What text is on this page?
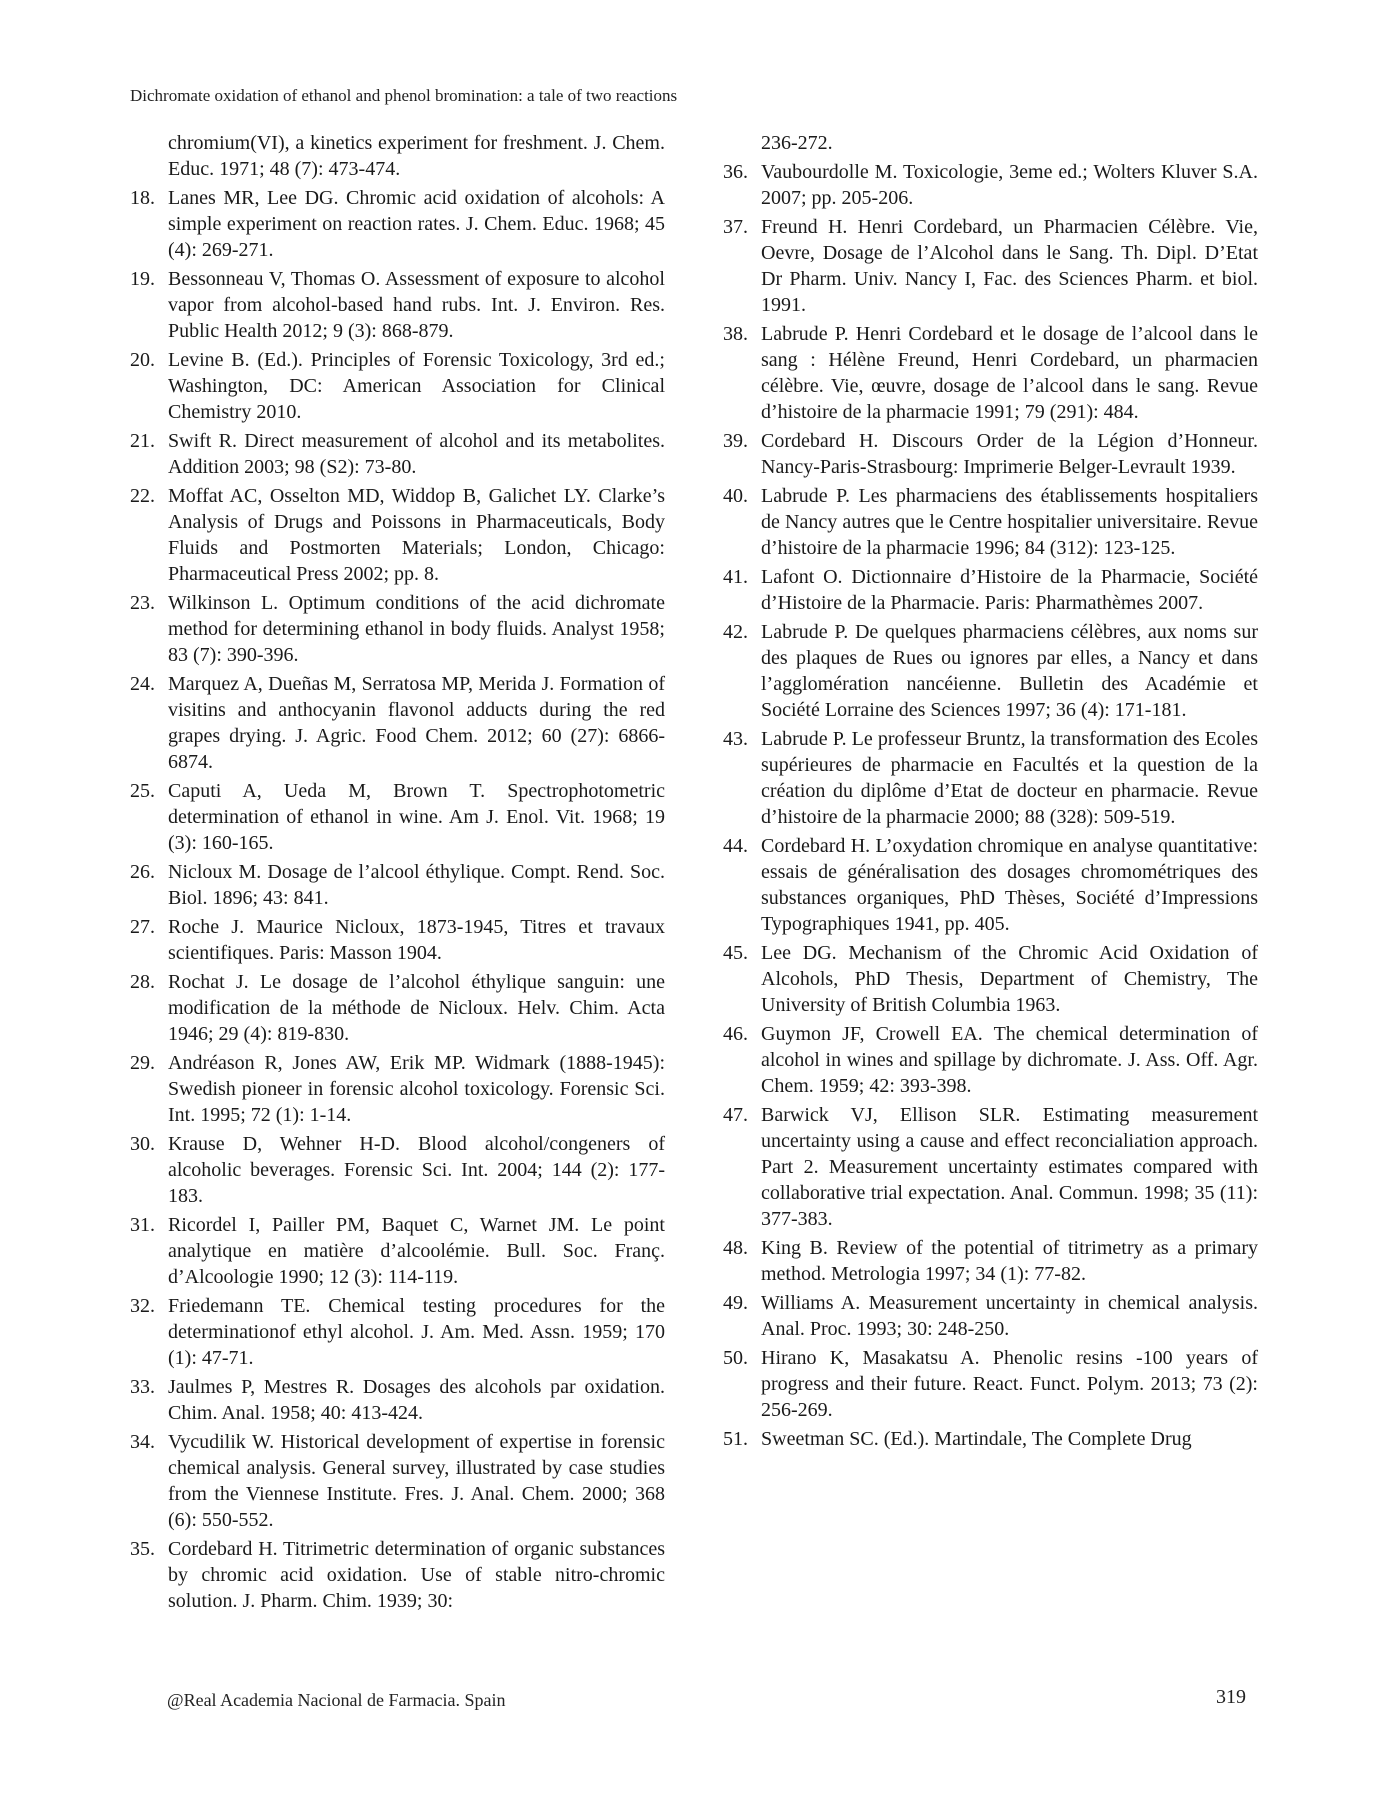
Dichromate oxidation of ethanol and phenol bromination: a tale of two reactions
chromium(VI), a kinetics experiment for freshment. J. Chem. Educ. 1971; 48 (7): 473-474.
18. Lanes MR, Lee DG. Chromic acid oxidation of alcohols: A simple experiment on reaction rates. J. Chem. Educ. 1968; 45 (4): 269-271.
19. Bessonneau V, Thomas O. Assessment of exposure to alcohol vapor from alcohol-based hand rubs. Int. J. Environ. Res. Public Health 2012; 9 (3): 868-879.
20. Levine B. (Ed.). Principles of Forensic Toxicology, 3rd ed.; Washington, DC: American Association for Clinical Chemistry 2010.
21. Swift R. Direct measurement of alcohol and its metabolites. Addition 2003; 98 (S2): 73-80.
22. Moffat AC, Osselton MD, Widdop B, Galichet LY. Clarke’s Analysis of Drugs and Poissons in Pharmaceuticals, Body Fluids and Postmorten Materials; London, Chicago: Pharmaceutical Press 2002; pp. 8.
23. Wilkinson L. Optimum conditions of the acid dichromate method for determining ethanol in body fluids. Analyst 1958; 83 (7): 390-396.
24. Marquez A, Dueñas M, Serratosa MP, Merida J. Formation of visitins and anthocyanin flavonol adducts during the red grapes drying. J. Agric. Food Chem. 2012; 60 (27): 6866-6874.
25. Caputi A, Ueda M, Brown T. Spectrophotometric determination of ethanol in wine. Am J. Enol. Vit. 1968; 19 (3): 160-165.
26. Nicloux M. Dosage de l’alcool éthylique. Compt. Rend. Soc. Biol. 1896; 43: 841.
27. Roche J. Maurice Nicloux, 1873-1945, Titres et travaux scientifiques. Paris: Masson 1904.
28. Rochat J. Le dosage de l’alcohol éthylique sanguin: une modification de la méthode de Nicloux. Helv. Chim. Acta 1946; 29 (4): 819-830.
29. Andréason R, Jones AW, Erik MP. Widmark (1888-1945): Swedish pioneer in forensic alcohol toxicology. Forensic Sci. Int. 1995; 72 (1): 1-14.
30. Krause D, Wehner H-D. Blood alcohol/congeners of alcoholic beverages. Forensic Sci. Int. 2004; 144 (2): 177-183.
31. Ricordel I, Pailler PM, Baquet C, Warnet JM. Le point analytique en matière d’alcoolémie. Bull. Soc. Franç. d’Alcoologie 1990; 12 (3): 114-119.
32. Friedemann TE. Chemical testing procedures for the determinationof ethyl alcohol. J. Am. Med. Assn. 1959; 170 (1): 47-71.
33. Jaulmes P, Mestres R. Dosages des alcohols par oxidation. Chim. Anal. 1958; 40: 413-424.
34. Vycudilik W. Historical development of expertise in forensic chemical analysis. General survey, illustrated by case studies from the Viennese Institute. Fres. J. Anal. Chem. 2000; 368 (6): 550-552.
35. Cordebard H. Titrimetric determination of organic substances by chromic acid oxidation. Use of stable nitro-chromic solution. J. Pharm. Chim. 1939; 30:
236-272.
36. Vaubourdolle M. Toxicologie, 3eme ed.; Wolters Kluver S.A. 2007; pp. 205-206.
37. Freund H. Henri Cordebard, un Pharmacien Célèbre. Vie, Oevre, Dosage de l’Alcohol dans le Sang. Th. Dipl. D’Etat Dr Pharm. Univ. Nancy I, Fac. des Sciences Pharm. et biol. 1991.
38. Labrude P. Henri Cordebard et le dosage de l’alcool dans le sang : Hélène Freund, Henri Cordebard, un pharmacien célèbre. Vie, œuvre, dosage de l’alcool dans le sang. Revue d’histoire de la pharmacie 1991; 79 (291): 484.
39. Cordebard H. Discours Order de la Légion d’Honneur. Nancy-Paris-Strasbourg: Imprimerie Belger-Levrault 1939.
40. Labrude P. Les pharmaciens des établissements hospitaliers de Nancy autres que le Centre hospitalier universitaire. Revue d’histoire de la pharmacie 1996; 84 (312): 123-125.
41. Lafont O. Dictionnaire d’Histoire de la Pharmacie, Société d’Histoire de la Pharmacie. Paris: Pharmathèmes 2007.
42. Labrude P. De quelques pharmaciens célèbres, aux noms sur des plaques de Rues ou ignores par elles, a Nancy et dans l’agglomération nancéienne. Bulletin des Académie et Société Lorraine des Sciences 1997; 36 (4): 171-181.
43. Labrude P. Le professeur Bruntz, la transformation des Ecoles supérieures de pharmacie en Facultés et la question de la création du diplôme d’Etat de docteur en pharmacie. Revue d’histoire de la pharmacie 2000; 88 (328): 509-519.
44. Cordebard H. L’oxydation chromique en analyse quantitative: essais de généralisation des dosages chromométriques des substances organiques, PhD Thèses, Société d’Impressions Typographiques 1941, pp. 405.
45. Lee DG. Mechanism of the Chromic Acid Oxidation of Alcohols, PhD Thesis, Department of Chemistry, The University of British Columbia 1963.
46. Guymon JF, Crowell EA. The chemical determination of alcohol in wines and spillage by dichromate. J. Ass. Off. Agr. Chem. 1959; 42: 393-398.
47. Barwick VJ, Ellison SLR. Estimating measurement uncertainty using a cause and effect reconcialiation approach. Part 2. Measurement uncertainty estimates compared with collaborative trial expectation. Anal. Commun. 1998; 35 (11): 377-383.
48. King B. Review of the potential of titrimetry as a primary method. Metrologia 1997; 34 (1): 77-82.
49. Williams A. Measurement uncertainty in chemical analysis. Anal. Proc. 1993; 30: 248-250.
50. Hirano K, Masakatsu A. Phenolic resins -100 years of progress and their future. React. Funct. Polym. 2013; 73 (2): 256-269.
51. Sweetman SC. (Ed.). Martindale, The Complete Drug
@Real Academia Nacional de Farmacia. Spain	319
